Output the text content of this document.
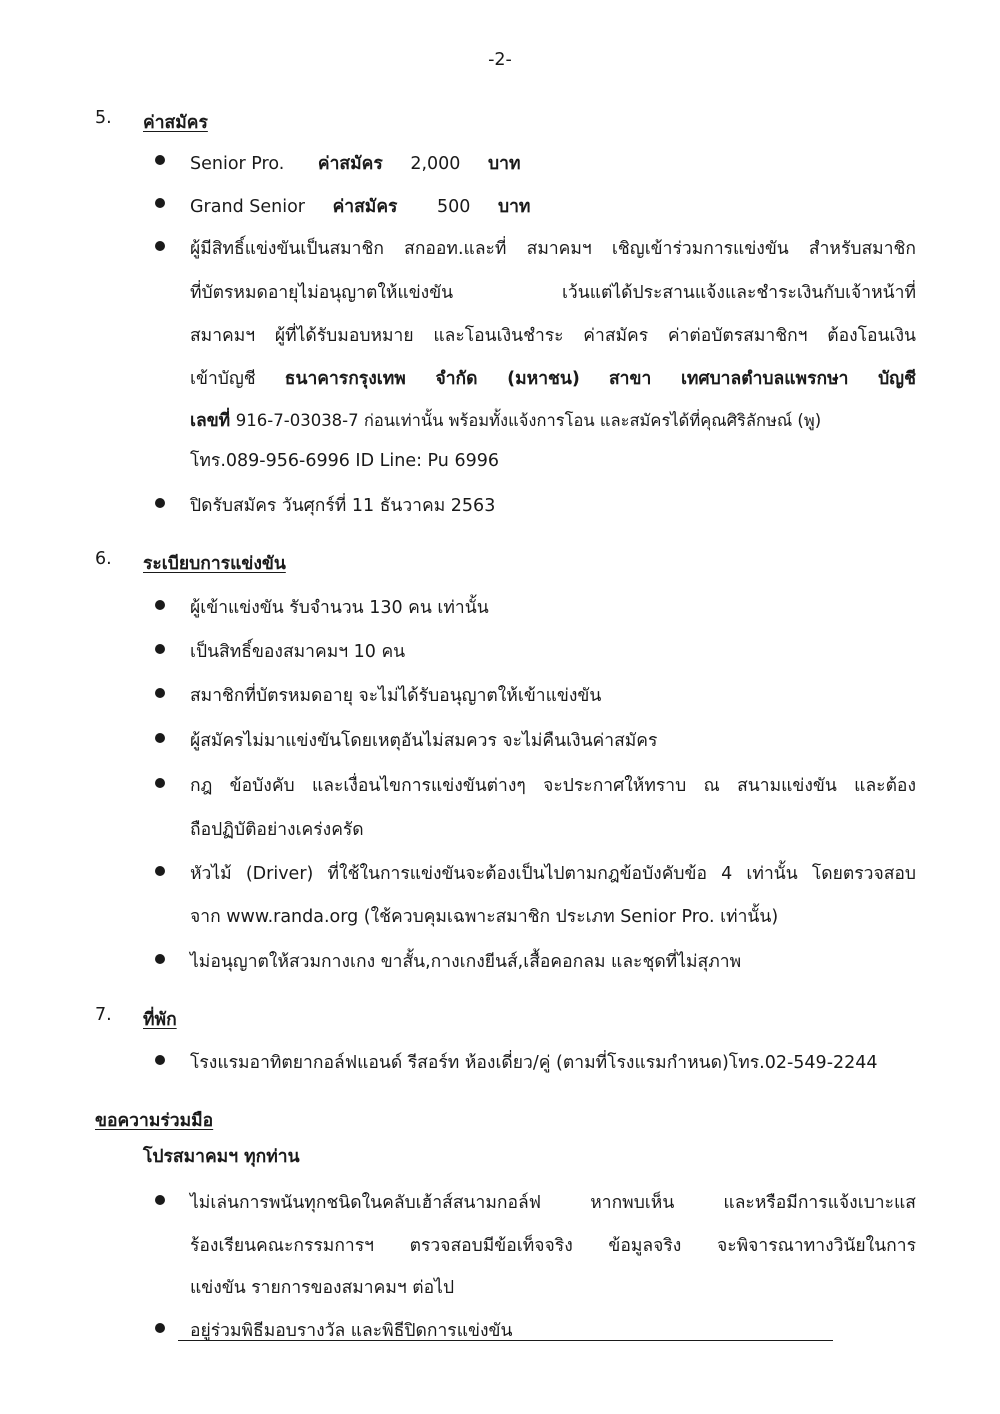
-2-
5. ค่าสมัคร
Senior Pro. ค่าสมัคร 2,000 บาท
Grand Senior ค่าสมัคร 500 บาท
ผู้มีสิทธิ์แข่งขันเป็นสมาชิก สกออท.และที่ สมาคมฯ เชิญเข้าร่วมการแข่งขัน สำหรับสมาชิก
ที่บัตรหมดอายุไม่อนุญาตให้แข่งขัน เว้นแต่ได้ประสานแจ้งและชำระเงินกับเจ้าหน้าที่
สมาคมฯ ผู้ที่ได้รับมอบหมาย และโอนเงินชำระ ค่าสมัคร ค่าต่อบัตรสมาชิกฯ ต้องโอนเงิน
เข้าบัญชี ธนาคารกรุงเทพ จำกัด (มหาชน) สาขา เทศบาลตำบลแพรกษา บัญชี
เลขที่ 916-7-03038-7 ก่อนเท่านั้น พร้อมทั้งแจ้งการโอน และสมัครได้ที่คุณศิริลักษณ์ (พู)
โทร.089-956-6996 ID Line: Pu 6996
ปิดรับสมัคร วันศุกร์ที่ 11 ธันวาคม 2563
6. ระเบียบการแข่งขัน
ผู้เข้าแข่งขัน รับจำนวน 130 คน เท่านั้น
เป็นสิทธิ์ของสมาคมฯ 10 คน
สมาชิกที่บัตรหมดอายุ จะไม่ได้รับอนุญาตให้เข้าแข่งขัน
ผู้สมัครไม่มาแข่งขันโดยเหตุอันไม่สมควร จะไม่คืนเงินค่าสมัคร
กฎ ข้อบังคับ และเงื่อนไขการแข่งขันต่างๆ จะประกาศให้ทราบ ณ สนามแข่งขัน และต้อง
ถือปฏิบัติอย่างเคร่งครัด
หัวไม้ (Driver) ที่ใช้ในการแข่งขันจะต้องเป็นไปตามกฎข้อบังคับข้อ 4 เท่านั้น โดยตรวจสอบ
จาก www.randa.org (ใช้ควบคุมเฉพาะสมาชิก ประเภท Senior Pro. เท่านั้น)
ไม่อนุญาตให้สวมกางเกง ขาสั้น,กางเกงยีนส์,เสื้อคอกลม และชุดที่ไม่สุภาพ
7. ที่พัก
โรงแรมอาทิตยากอล์ฟแอนด์ รีสอร์ท ห้องเดี่ยว/คู่ (ตามที่โรงแรมกำหนด)โทร.02-549-2244
ขอความร่วมมือ
โปรสมาคมฯ ทุกท่าน
ไม่เล่นการพนันทุกชนิดในคลับเฮ้าส์สนามกอล์ฟ หากพบเห็น และหรือมีการแจ้งเบาะแส
ร้องเรียนคณะกรรมการฯ ตรวจสอบมีข้อเท็จจริง ข้อมูลจริง จะพิจารณาทางวินัยในการ
แข่งขัน รายการของสมาคมฯ ต่อไป
อยู่ร่วมพิธีมอบรางวัล และพิธีปิดการแข่งขัน
